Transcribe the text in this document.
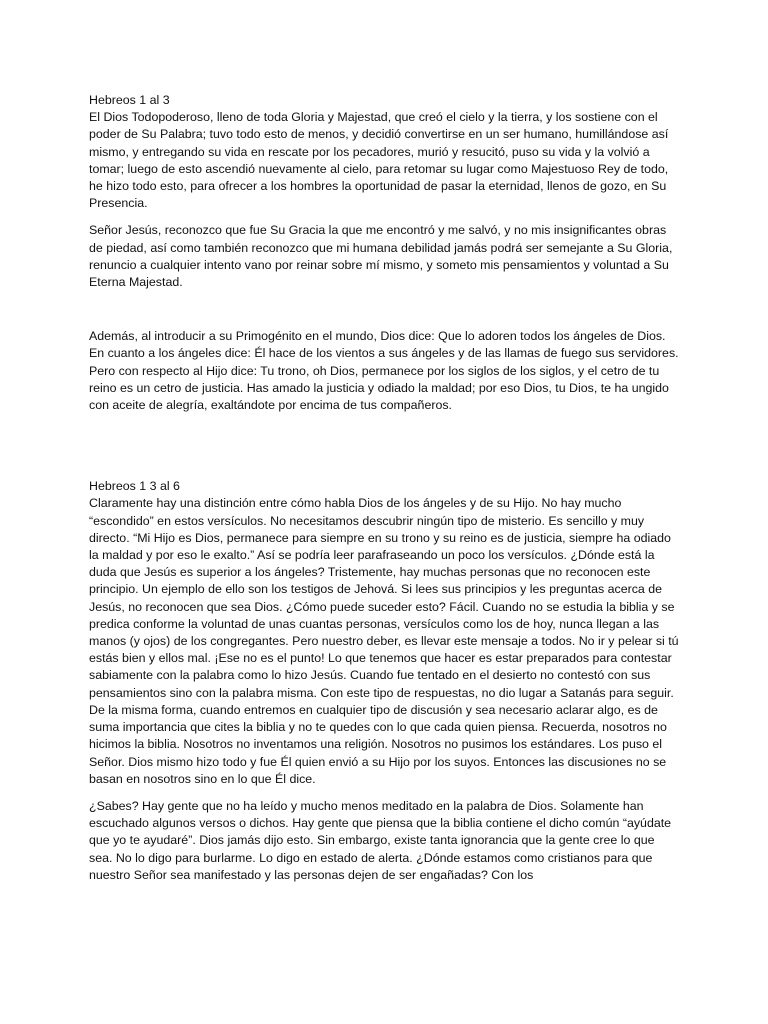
Hebreos 1 al 3

El Dios Todopoderoso, lleno de toda Gloria y Majestad, que creó el cielo y la tierra, y los sostiene con el poder de Su Palabra; tuvo todo esto de menos, y decidió convertirse en un ser humano, humillándose así mismo, y entregando su vida en rescate por los pecadores, murió y resucitó, puso su vida y la volvió a tomar; luego de esto ascendió nuevamente al cielo, para retomar su lugar como Majestuoso Rey de todo, he hizo todo esto, para ofrecer a los hombres la oportunidad de pasar la eternidad, llenos de gozo, en Su Presencia.

Señor Jesús, reconozco que fue Su Gracia la que me encontró y me salvó, y no mis insignificantes obras de piedad, así como también reconozco que mi humana debilidad jamás podrá ser semejante a Su Gloria, renuncio a cualquier intento vano por reinar sobre mí mismo, y someto mis pensamientos y voluntad a Su Eterna Majestad.

Además, al introducir a su Primogénito en el mundo, Dios dice: Que lo adoren todos los ángeles de Dios. En cuanto a los ángeles dice: Él hace de los vientos a sus ángeles y de las llamas de fuego sus servidores. Pero con respecto al Hijo dice: Tu trono, oh Dios, permanece por los siglos de los siglos, y el cetro de tu reino es un cetro de justicia. Has amado la justicia y odiado la maldad; por eso Dios, tu Dios, te ha ungido con aceite de alegría, exaltándote por encima de tus compañeros.

Hebreos 1 3 al 6

Claramente hay una distinción entre cómo habla Dios de los ángeles y de su Hijo. No hay mucho “escondido” en estos versículos. No necesitamos descubrir ningún tipo de misterio. Es sencillo y muy directo. “Mi Hijo es Dios, permanece para siempre en su trono y su reino es de justicia, siempre ha odiado la maldad y por eso le exalto.” Así se podría leer parafraseando un poco los versículos. ¿Dónde está la duda que Jesús es superior a los ángeles? Tristemente, hay muchas personas que no reconocen este principio. Un ejemplo de ello son los testigos de Jehová. Si lees sus principios y les preguntas acerca de Jesús, no reconocen que sea Dios. ¿Cómo puede suceder esto? Fácil. Cuando no se estudia la biblia y se predica conforme la voluntad de unas cuantas personas, versículos como los de hoy, nunca llegan a las manos (y ojos) de los congregantes. Pero nuestro deber, es llevar este mensaje a todos. No ir y pelear si tú estás bien y ellos mal. ¡Ese no es el punto! Lo que tenemos que hacer es estar preparados para contestar sabiamente con la palabra como lo hizo Jesús. Cuando fue tentado en el desierto no contestó con sus pensamientos sino con la palabra misma. Con este tipo de respuestas, no dio lugar a Satanás para seguir. De la misma forma, cuando entremos en cualquier tipo de discusión y sea necesario aclarar algo, es de suma importancia que cites la biblia y no te quedes con lo que cada quien piensa. Recuerda, nosotros no hicimos la biblia. Nosotros no inventamos una religión. Nosotros no pusimos los estándares. Los puso el Señor. Dios mismo hizo todo y fue Él quien envió a su Hijo por los suyos. Entonces las discusiones no se basan en nosotros sino en lo que Él dice.

¿Sabes? Hay gente que no ha leído y mucho menos meditado en la palabra de Dios. Solamente han escuchado algunos versos o dichos. Hay gente que piensa que la biblia contiene el dicho común “ayúdate que yo te ayudaré”. Dios jamás dijo esto. Sin embargo, existe tanta ignorancia que la gente cree lo que sea. No lo digo para burlarme. Lo digo en estado de alerta. ¿Dónde estamos como cristianos para que nuestro Señor sea manifestado y las personas dejen de ser engañadas? Con los
